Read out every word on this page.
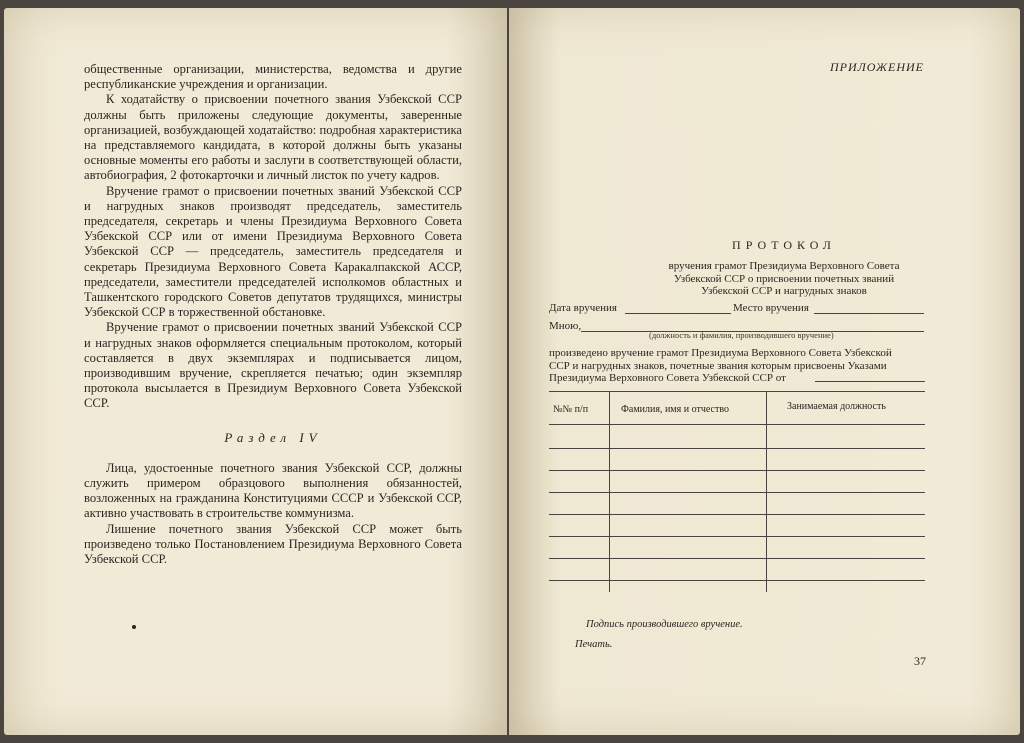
общественные организации, министерства, ведомства и другие республиканские учреждения и организации.

К ходатайству о присвоении почетного звания Узбекской ССР должны быть приложены следующие документы, заверенные организацией, возбуждающей ходатайство: подробная характеристика на представляемого кандидата, в которой должны быть указаны основные моменты его работы и заслуги в соответствующей области, автобиография, 2 фотокарточки и личный листок по учету кадров.

Вручение грамот о присвоении почетных званий Узбекской ССР и нагрудных знаков производят председатель, заместитель председателя, секретарь и члены Президиума Верховного Совета Узбекской ССР или от имени Президиума Верховного Совета Узбекской ССР — председатель, заместитель председателя и секретарь Президиума Верховного Совета Каракалпакской АССР, председатели, заместители председателей исполкомов областных и Ташкентского городского Советов депутатов трудящихся, министры Узбекской ССР в торжественной обстановке.

Вручение грамот о присвоении почетных званий Узбекской ССР и нагрудных знаков оформляется специальным протоколом, который составляется в двух экземплярах и подписывается лицом, производившим вручение, скрепляется печатью; один экземпляр протокола высылается в Президиум Верховного Совета Узбекской ССР.

Раздел IV

Лица, удостоенные почетного звания Узбекской ССР, должны служить примером образцового выполнения обязанностей, возложенных на гражданина Конституциями СССР и Узбекской ССР, активно участвовать в строительстве коммунизма.

Лишение почетного звания Узбекской ССР может быть произведено только Постановлением Президиума Верховного Совета Узбекской ССР.

ПРИЛОЖЕНИЕ
ПРОТОКОЛ
вручения грамот Президиума Верховного Совета
Узбекской ССР о присвоении почетных званий
Узбекской ССР и нагрудных знаков
Дата вручения	Место вручения
Мною,
(должность и фамилия, производившего вручение)
произведено вручение грамот Президиума Верховного Совета Узбекской
ССР и нагрудных знаков, почетные звания которым присвоены Указами
Президиума Верховного Совета Узбекской ССР от
№№ п/п	Фамилия, имя и отчество	Занимаемая должность
Подпись производившего вручение.
Печать.
37
